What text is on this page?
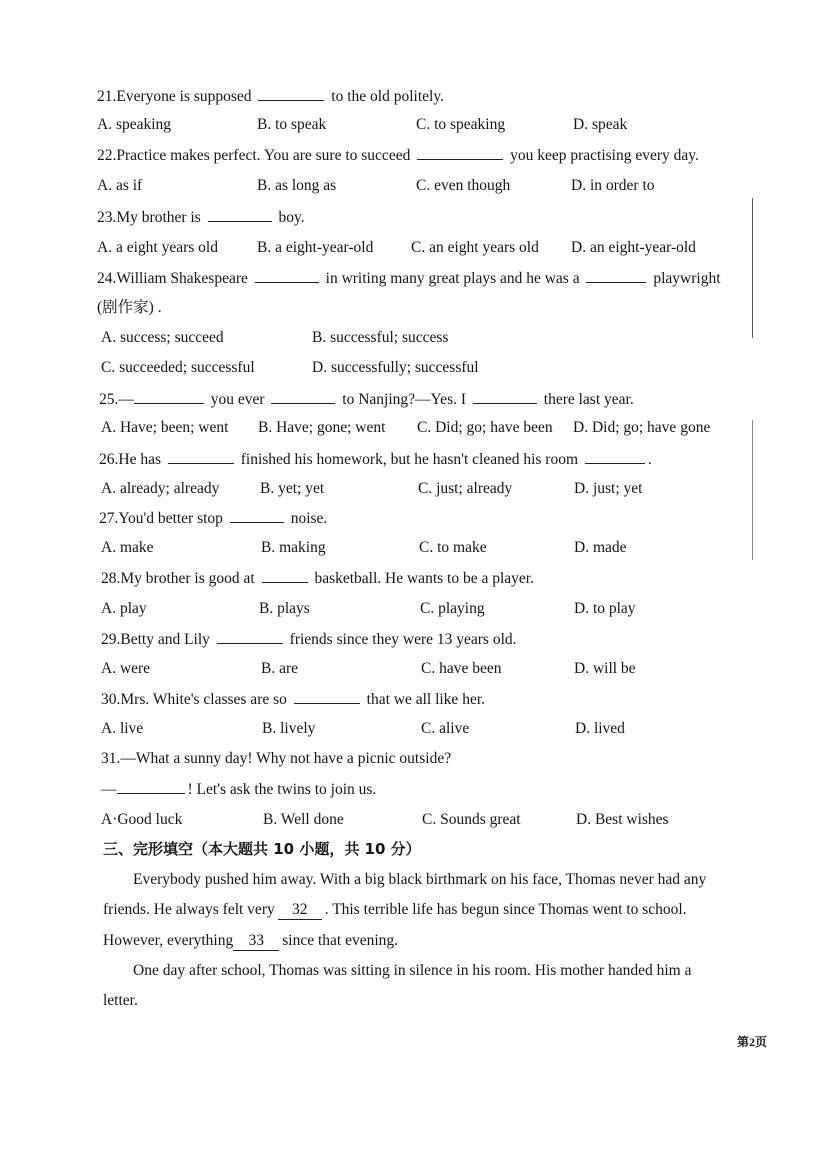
21.Everyone is supposed	to the old politely.
A. speaking	B. to speak	C. to speaking	D. speak
22.Practice makes perfect. You are sure to succeed	you keep practising every day.
A. as if	B. as long as	C. even though	D. in order to
23.My brother is	boy.
A. a eight years old	B. a eight-year-old C. an eight years old D. an eight-year-old
24.William Shakespeare	in writing many great plays and he was a	playwright
(剧作家) .
A. success; succeed	B. successful; success
C. succeeded; successful	D. successfully; successful
25.—	you ever	to Nanjing?—Yes. I	there last year.
A. Have; been; went B. Have; gone; went C. Did; go; have been D. Did; go; have gone
26.He has	finished his homework, but he hasn't cleaned his room	.
A. already; already	B. yet; yet	C. just; already	D. just; yet
27.You'd better stop	noise.
A. make	B. making	C. to make	D. made
28.My brother is good at	basketball. He wants to be a player.
A. play	B. plays	C. playing	D. to play
29.Betty and Lily	friends since they were 13 years old.
A. were	B. are	C. have been	D. will be
30.Mrs. White's classes are so	that we all like her.
A. live	B. lively	C. alive	D. lived
31.—What a sunny day! Why not have a picnic outside?
—	! Let's ask the twins to join us.
A·Good luck	B. Well done	C. Sounds great	D. Best wishes
三、完形填空（本大题共 10 小题，共 10 分）
Everybody pushed him away. With a big black birthmark on his face, Thomas never had any
friends. He always felt very 32 . This terrible life has begun since Thomas went to school.
However, everything 33 since that evening.
One day after school, Thomas was sitting in silence in his room. His mother handed him a
letter.
第2页
